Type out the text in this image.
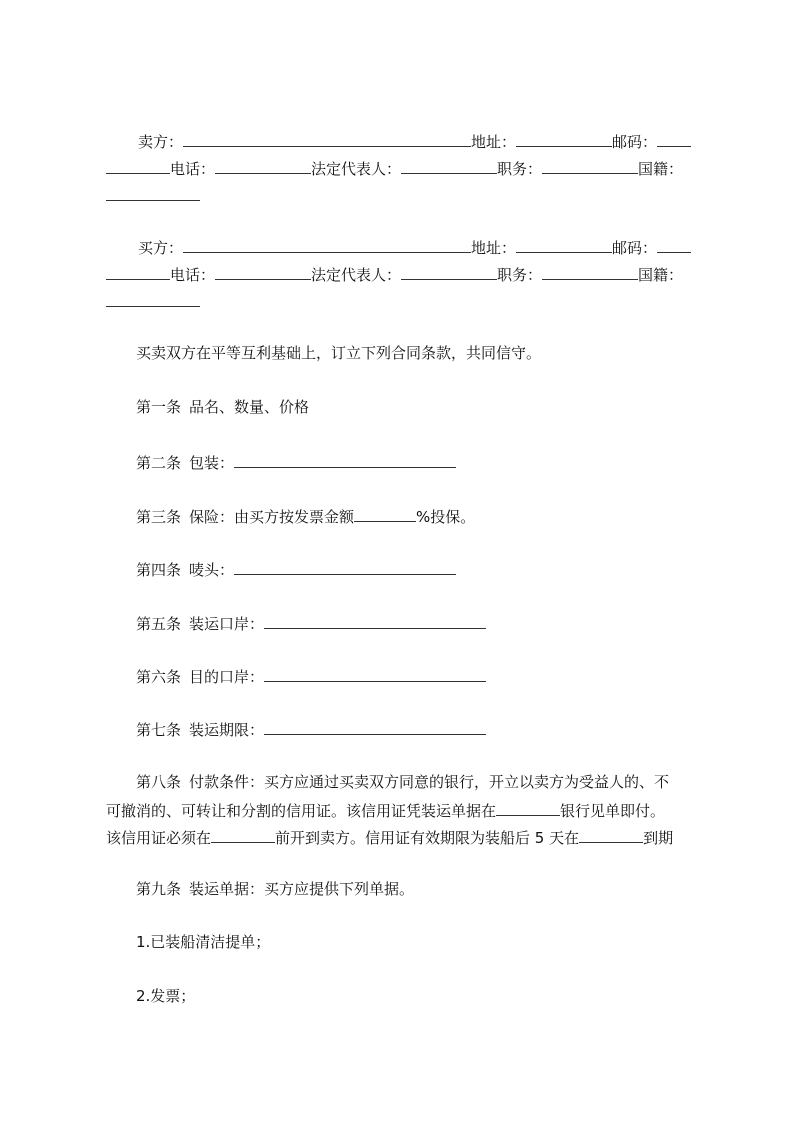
卖方：	地址：	邮码：
电话：	法定代表人：	职务：	国籍：
买方：	地址：	邮码：
电话：	法定代表人：	职务：	国籍：
买卖双方在平等互利基础上，订立下列合同条款，共同信守。
第一条 品名、数量、价格
第二条 包装：
第三条 保险：由买方按发票金额	%投保。
第四条 唛头：
第五条 装运口岸：
第六条 目的口岸：
第七条 装运期限：
第八条 付款条件：买方应通过买卖双方同意的银行，开立以卖方为受益人的、不
可撤消的、可转让和分割的信用证。该信用证凭装运单据在	银行见单即付。
该信用证必须在	前开到卖方。信用证有效期限为装船后 5 天在	到期
第九条 装运单据：买方应提供下列单据。
1.已装船清洁提单；
2.发票；
